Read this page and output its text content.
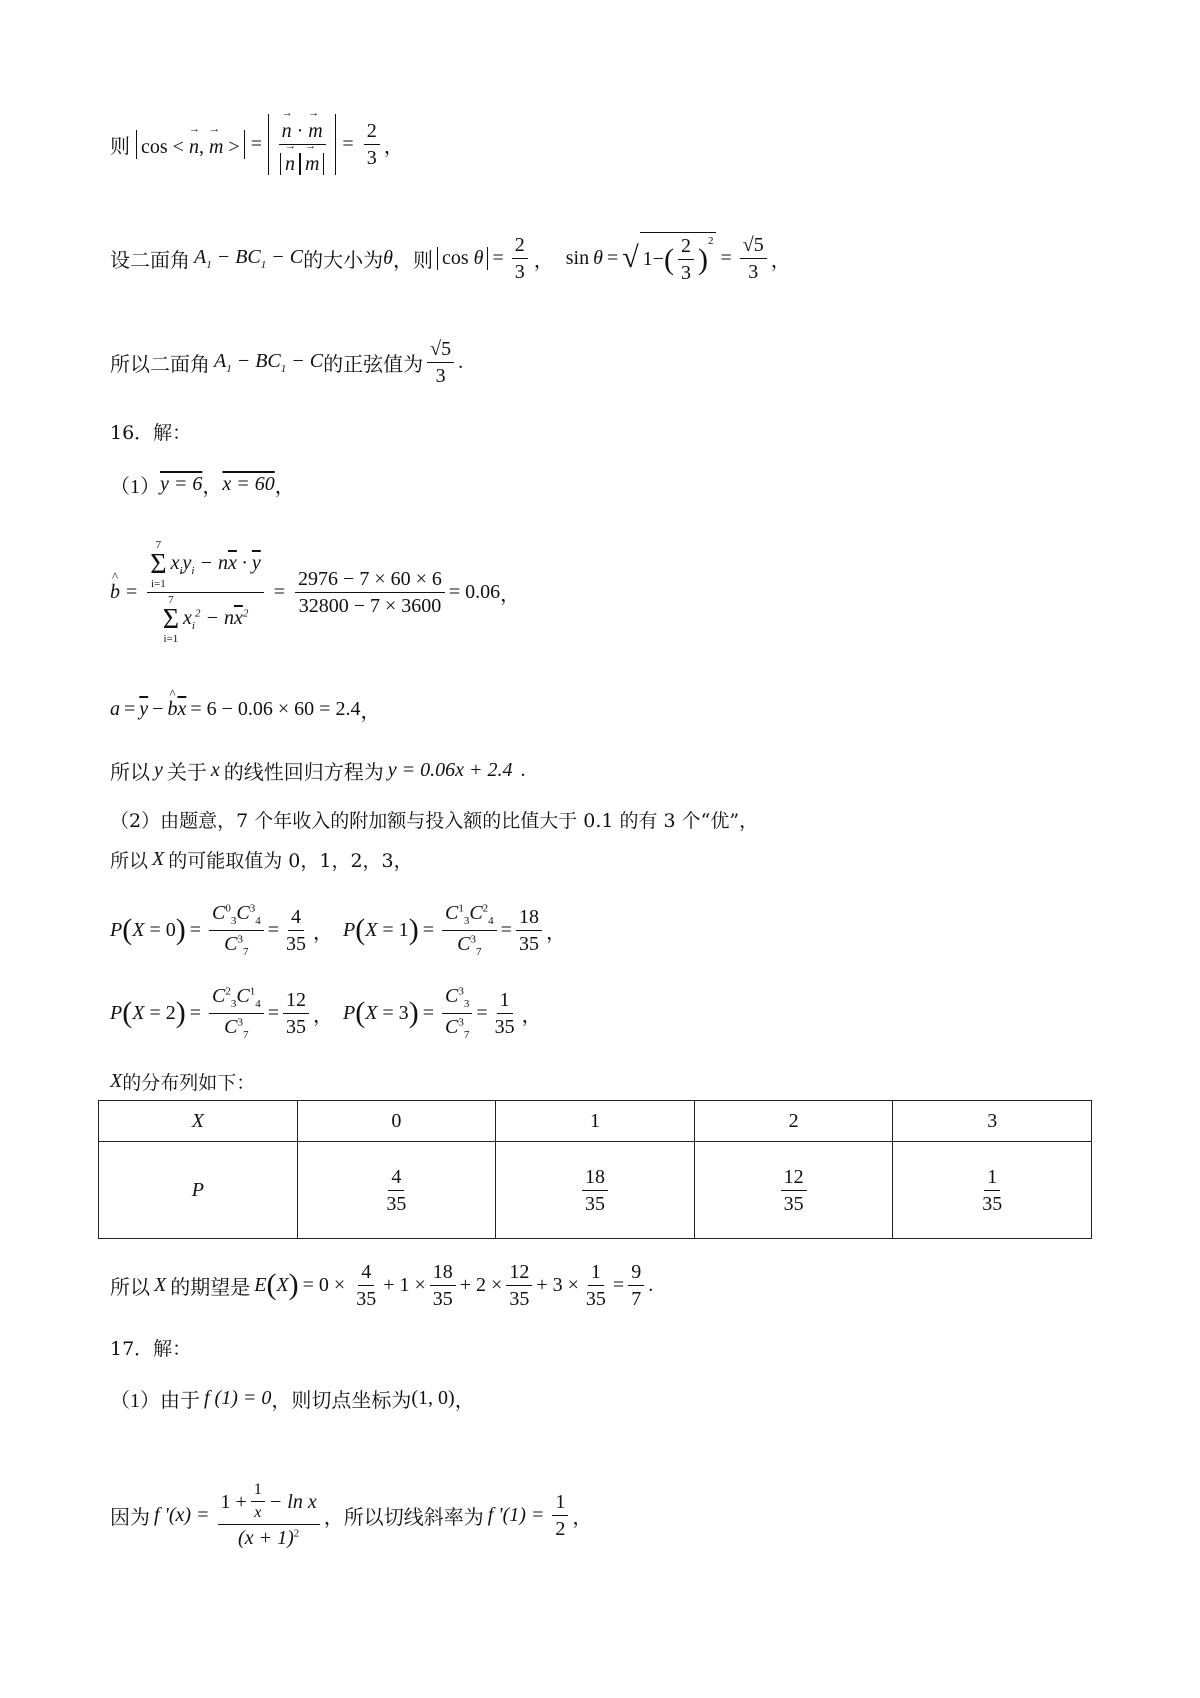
则 cos < → n, → m > = → n · → m
→ $n \to m = \frac{2}{3}$ ，
设二面角 $A_1 - BC_1 - C$ 的大小为 θ ，则 $\cos \theta = \frac{2}{3}$ ， sin θ = √ 1 − ( $\frac{2}{3}$ )
$^2$
= $\frac{√5}{3}$ ，
所以二面角 $A_1 - BC_1 - C$ 的正弦值为 $\frac{√5}{3}$ .
16．解：
（1） y = 6 ， x = 60 ，
^ b = 7
Σ
i=1
$x_iy_i - n\overline{x} \cdot \overline{y}$
7
Σ
i=1
$x_i^2 - n\overline{x}^2 = \frac{2976 - 7 \times 60 \times 6}{32800 - 7 \times 3600} = 0.06$ ，
$a = \overline{y}$ − ^ b $\overline{x} = 6 - 0.06 \times 60 = 2.4$ ，
所以 y 关于 x 的线性回归方程为 y = 0.06x + 2.4 .
（2）由题意，7 个年收入的附加额与投入额的比值大于 0.1 的有 3 个“优”，
所以 X 的可能取值为 0，1，2，3，
P ( X = 0 ) = $\frac{C^0_3C^3_4}{C^3_7} = \frac{4}{35}$ ， P ( X = 1 ) = $\frac{C^1_3C^2_4}{C^3_7} = \frac{18}{35}$ ，
P ( X = 2 ) = $\frac{C^2_3C^1_4}{C^3_7} = \frac{12}{35}$ ， P ( X = 3 ) = $\frac{C^3_3}{C^3_7} = \frac{1}{35}$ ，
X 的分布列如下：
X	0	1	2	3
P	$\frac{4}{35}$	$\frac{18}{35}$	$\frac{12}{35}$	$\frac{1}{35}$
所以 X 的期望是 E ( X ) = $0 \times \frac{4}{35} + 1 \times \frac{18}{35} + 2 \times \frac{12}{35} + 3 \times \frac{1}{35} = \frac{9}{7}$ .
17．解：
（1）由于 f (1) = 0 ，则切点坐标为 (1, 0) ，
因为 f '$(x) = \frac{1 + \frac{1}{x} - \ln x}{(x + 1)^2}$ ，所以切线斜率为 f '$(1) = \frac{1}{2}$ ，
